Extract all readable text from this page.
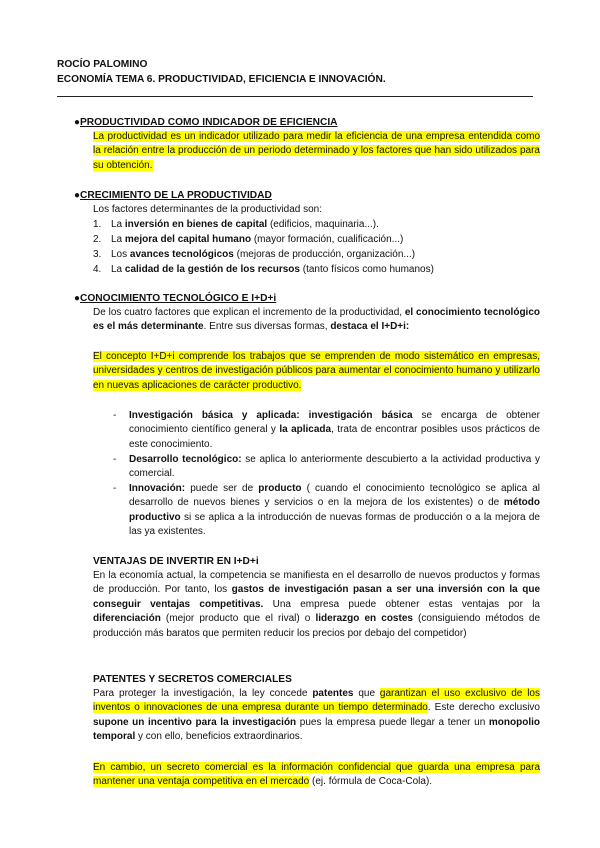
ROCÍO PALOMINO
ECONOMÍA TEMA 6. PRODUCTIVIDAD, EFICIENCIA E INNOVACIÓN.
● PRODUCTIVIDAD COMO INDICADOR DE EFICIENCIA
La productividad es un indicador utilizado para medir la eficiencia de una empresa entendida como la relación entre la producción de un periodo determinado y los factores que han sido utilizados para su obtención.
● CRECIMIENTO DE LA PRODUCTIVIDAD
Los factores determinantes de la productividad son:
1. La inversión en bienes de capital (edificios, maquinaria...).
2. La mejora del capital humano (mayor formación, cualificación...)
3. Los avances tecnológicos (mejoras de producción, organización...)
4. La calidad de la gestión de los recursos (tanto físicos como humanos)
● CONOCIMIENTO TECNOLÓGICO E I+D+i
De los cuatro factores que explican el incremento de la productividad, el conocimiento tecnológico es el más determinante. Entre sus diversas formas, destaca el I+D+i:
El concepto I+D+i comprende los trabajos que se emprenden de modo sistemático en empresas, universidades y centros de investigación públicos para aumentar el conocimiento humano y utilizarlo en nuevas aplicaciones de carácter productivo.
- Investigación básica y aplicada: investigación básica se encarga de obtener conocimiento científico general y la aplicada, trata de encontrar posibles usos prácticos de este conocimiento.
- Desarrollo tecnológico: se aplica lo anteriormente descubierto a la actividad productiva y comercial.
- Innovación: puede ser de producto ( cuando el conocimiento tecnológico se aplica al desarrollo de nuevos bienes y servicios o en la mejora de los existentes) o de método productivo si se aplica a la introducción de nuevas formas de producción o a la mejora de las ya existentes.
VENTAJAS DE INVERTIR EN I+D+i
En la economía actual, la competencia se manifiesta en el desarrollo de nuevos productos y formas de producción. Por tanto, los gastos de investigación pasan a ser una inversión con la que conseguir ventajas competitivas. Una empresa puede obtener estas ventajas por la diferenciación (mejor producto que el rival) o liderazgo en costes (consiguiendo métodos de producción más baratos que permiten reducir los precios por debajo del competidor)
PATENTES Y SECRETOS COMERCIALES
Para proteger la investigación, la ley concede patentes que garantizan el uso exclusivo de los inventos o innovaciones de una empresa durante un tiempo determinado. Este derecho exclusivo supone un incentivo para la investigación pues la empresa puede llegar a tener un monopolio temporal y con ello, beneficios extraordinarios.
En cambio, un secreto comercial es la información confidencial que guarda una empresa para mantener una ventaja competitiva en el mercado (ej. fórmula de Coca-Cola).
